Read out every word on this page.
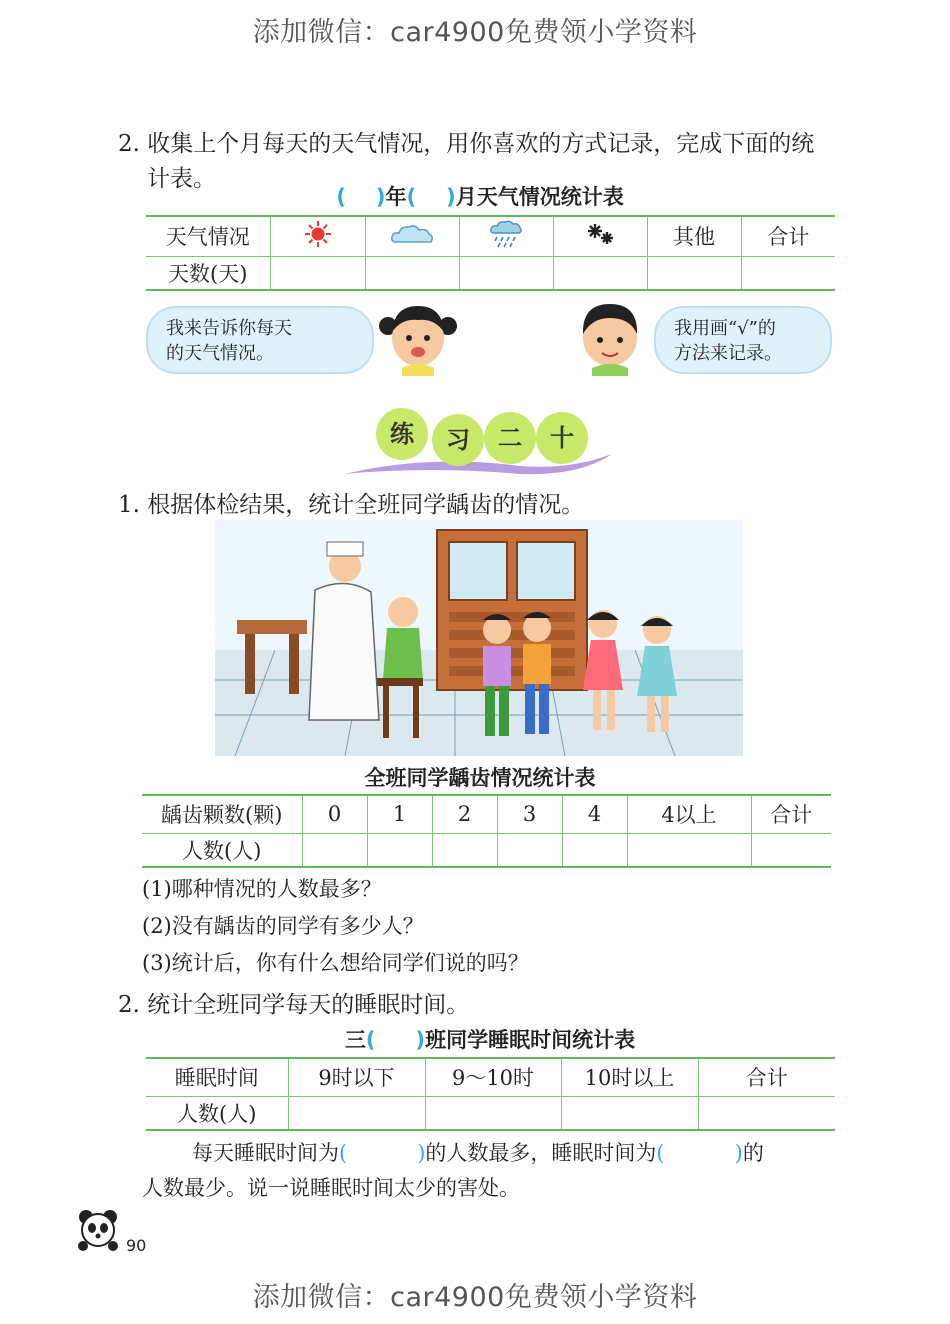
添加微信：car4900免费领小学资料
2. 收集上个月每天的天气情况，用你喜欢的方式记录，完成下面的统
计表。
( )年( )月天气情况统计表
天气情况					其他	合计
天数(天)						
我来告诉你每天
的天气情况。
我用画“√”的
方法来记录。
练	习	二	十
1. 根据体检结果，统计全班同学龋齿的情况。
全班同学龋齿情况统计表
龋齿颗数(颗)	0	1	2	3	4	4以上	合计
人数(人)							
(1)哪种情况的人数最多？
(2)没有龋齿的同学有多少人？
(3)统计后，你有什么想给同学们说的吗？
2. 统计全班同学每天的睡眠时间。
三( )班同学睡眠时间统计表
睡眠时间	9时以下	9～10时	10时以上	合计
人数(人)				
每天睡眠时间为(	)的人数最多，睡眠时间为(	)的
人数最少。说一说睡眠时间太少的害处。
90
添加微信：car4900免费领小学资料
